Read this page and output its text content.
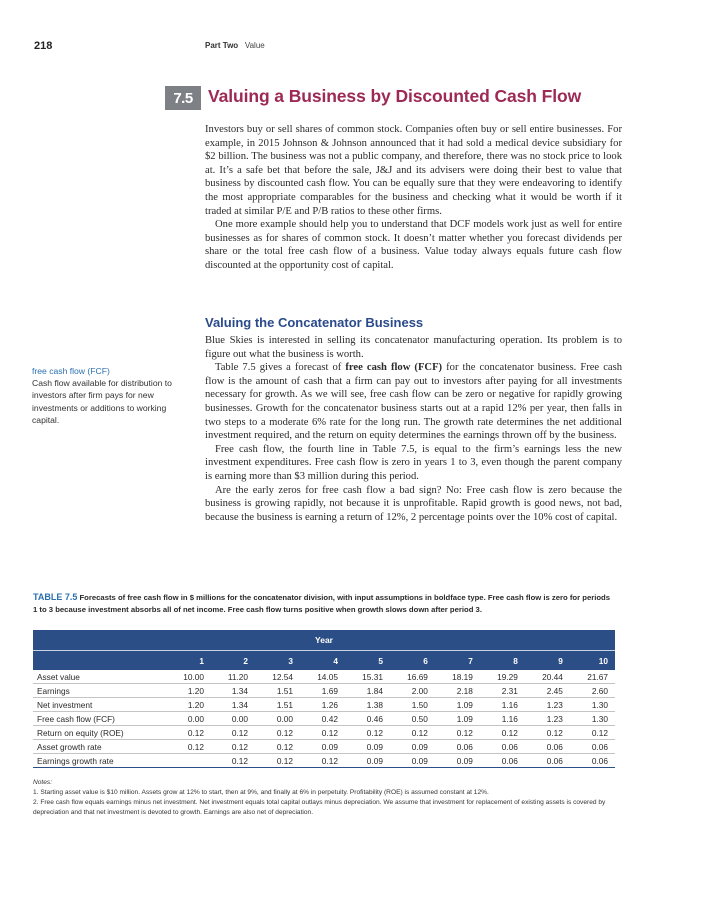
218	Part Two Value
7.5 Valuing a Business by Discounted Cash Flow

Investors buy or sell shares of common stock. Companies often buy or sell entire businesses. For example, in 2015 Johnson & Johnson announced that it had sold a medical device subsidiary for $2 billion. The business was not a public company, and therefore, there was no stock price to look at. It’s a safe bet that before the sale, J&J and its advisers were doing their best to value that business by discounted cash flow. You can be equally sure that they were endeavoring to identify the most appropriate comparables for the business and checking what it would be worth if it traded at similar P/E and P/B ratios to these other firms.

One more example should help you to understand that DCF models work just as well for entire businesses as for shares of common stock. It doesn’t matter whether you forecast dividends per share or the total free cash flow of a business. Value today always equals future cash flow discounted at the opportunity cost of capital.

Valuing the Concatenator Business

Blue Skies is interested in selling its concatenator manufacturing operation. Its problem is to figure out what the business is worth.

Table 7.5 gives a forecast of free cash flow (FCF) for the concatenator business. Free cash flow is the amount of cash that a firm can pay out to investors after paying for all investments necessary for growth. As we will see, free cash flow can be zero or negative for rapidly growing businesses. Growth for the concatenator business starts out at a rapid 12% per year, then falls in two steps to a moderate 6% rate for the long run. The growth rate determines the net additional investment required, and the return on equity determines the earnings thrown off by the business.

Free cash flow, the fourth line in Table 7.5, is equal to the firm’s earnings less the new investment expenditures. Free cash flow is zero in years 1 to 3, even though the parent company is earning more than $3 million during this period.

Are the early zeros for free cash flow a bad sign? No: Free cash flow is zero because the business is growing rapidly, not because it is unprofitable. Rapid growth is good news, not bad, because the business is earning a return of 12%, 2 percentage points over the 10% cost of capital.

free cash flow (FCF)
Cash flow available for distribution to investors after firm pays for new investments or additions to working capital.
TABLE 7.5 Forecasts of free cash flow in $ millions for the concatenator division, with input assumptions in boldface type. Free cash flow is zero for periods 1 to 3 because investment absorbs all of net income. Free cash flow turns positive when growth slows down after period 3.
Year
	1	2	3	4	5	6	7	8	9	10
Asset value	10.00	11.20	12.54	14.05	15.31	16.69	18.19	19.29	20.44	21.67
Earnings	1.20	1.34	1.51	1.69	1.84	2.00	2.18	2.31	2.45	2.60
Net investment	1.20	1.34	1.51	1.26	1.38	1.50	1.09	1.16	1.23	1.30
Free cash flow (FCF)	0.00	0.00	0.00	0.42	0.46	0.50	1.09	1.16	1.23	1.30
Return on equity (ROE)	0.12	0.12	0.12	0.12	0.12	0.12	0.12	0.12	0.12	0.12
Asset growth rate	0.12	0.12	0.12	0.09	0.09	0.09	0.06	0.06	0.06	0.06
Earnings growth rate		0.12	0.12	0.12	0.09	0.09	0.09	0.06	0.06	0.06
Notes:
1. Starting asset value is $10 million. Assets grow at 12% to start, then at 9%, and finally at 6% in perpetuity. Profitability (ROE) is assumed constant at 12%.
2. Free cash flow equals earnings minus net investment. Net investment equals total capital outlays minus depreciation. We assume that investment for replacement of existing assets is covered by depreciation and that net investment is devoted to growth. Earnings are also net of depreciation.
